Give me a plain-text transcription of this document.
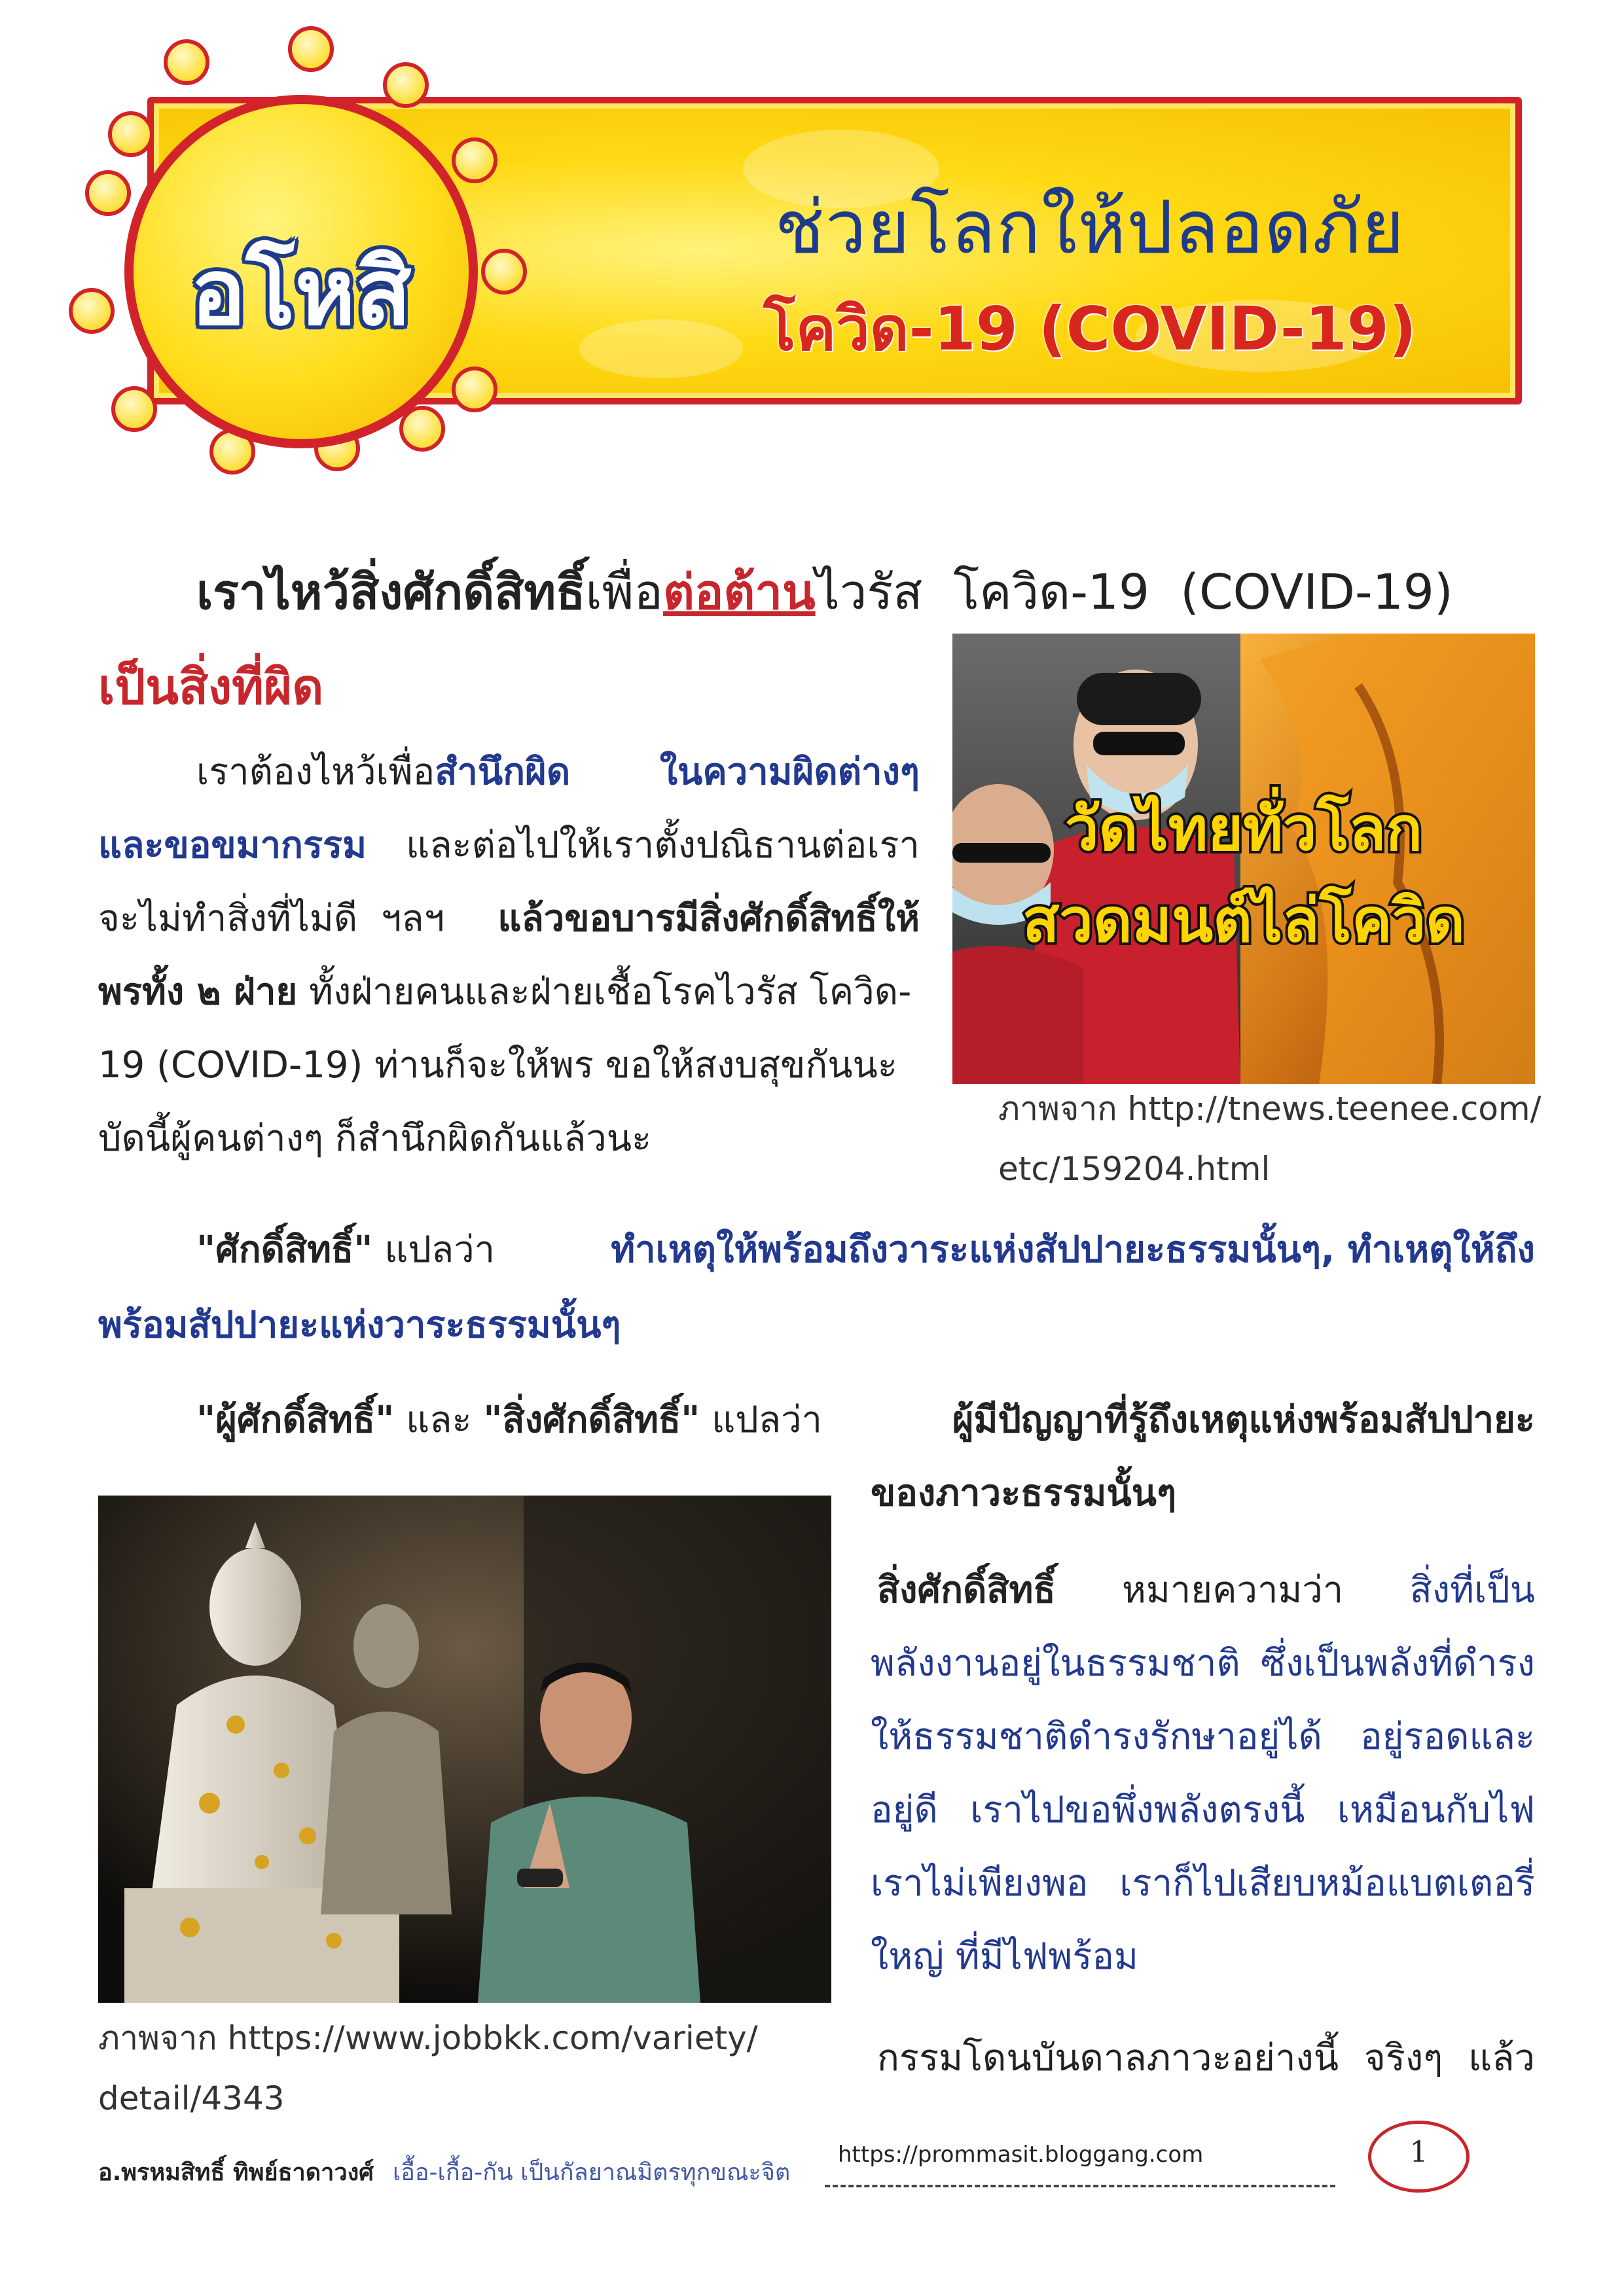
ช่วยโลกให้ปลอดภัย
โควิด-19 (COVID-19)
อโหสิ
เราไหว้สิ่งศักดิ์สิทธิ์เพื่อต่อต้านไวรัส  โควิด-19  (COVID-19)
เป็นสิ่งที่ผิด
เราต้องไหว้เพื่อสำนึกผิด ในความผิดต่างๆ
และขอขมากรรม และต่อไปให้เราตั้งปณิธานต่อเรา
จะไม่ทำสิ่งที่ไม่ดี  ฯลฯ แล้วขอบารมีสิ่งศักดิ์สิทธิ์ให้
พรทั้ง ๒ ฝ่าย ทั้งฝ่ายคนและฝ่ายเชื้อโรคไวรัส โควิด-
19 (COVID-19) ท่านก็จะให้พร ขอให้สงบสุขกันนะ
บัดนี้ผู้คนต่างๆ ก็สำนึกผิดกันแล้วนะ
วัดไทยทั่วโลก
สวดมนต์ไล่โควิด
ภาพจาก http://tnews.teenee.com/
etc/159204.html
"ศักดิ์สิทธิ์" แปลว่า	ทำเหตุให้พร้อมถึงวาระแห่งสัปปายะธรรมนั้นๆ, ทำเหตุให้ถึง
พร้อมสัปปายะแห่งวาระธรรมนั้นๆ
"ผู้ศักดิ์สิทธิ์" และ "สิ่งศักดิ์สิทธิ์" แปลว่า	ผู้มีปัญญาที่รู้ถึงเหตุแห่งพร้อมสัปปายะ
ของภาวะธรรมนั้นๆ
ภาพจาก https://www.jobbkk.com/variety/
detail/4343
สิ่งศักดิ์สิทธิ์ หมายความว่า สิ่งที่เป็น
พลังงานอยู่ในธรรมชาติ ซึ่งเป็นพลังที่ดำรง
ให้ธรรมชาติดำรงรักษาอยู่ได้ อยู่รอดและ
อยู่ดี เราไปขอพึ่งพลังตรงนี้ เหมือนกับไฟ
เราไม่เพียงพอ เราก็ไปเสียบหม้อแบตเตอรี่
ใหญ่ ที่มีไฟพร้อม
กรรมโดนบันดาลภาวะอย่างนี้ จริงๆ แล้ว
อ.พรหมสิทธิ์ ทิพย์ธาดาวงศ์ เอื้อ-เกื้อ-กัน เป็นกัลยาณมิตรทุกขณะจิต
https://prommasit.bloggang.com	1
